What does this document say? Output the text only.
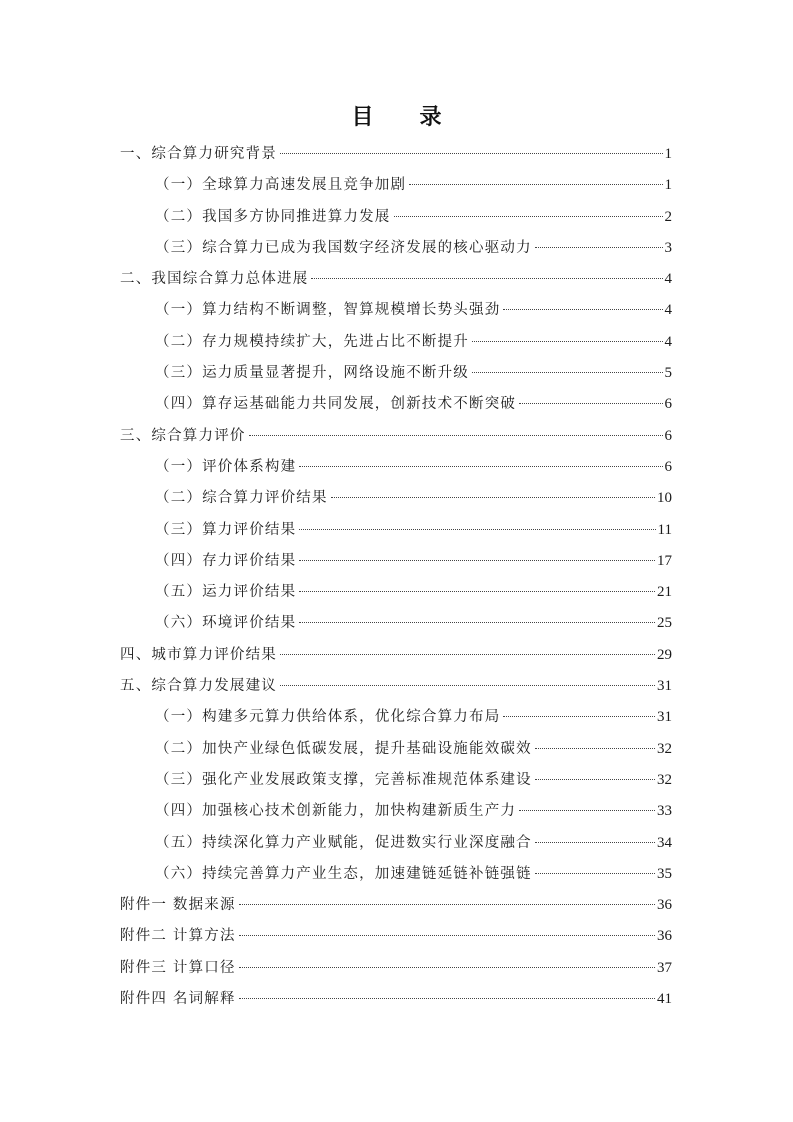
目　录
一、综合算力研究背景	1
（一）全球算力高速发展且竞争加剧	1
（二）我国多方协同推进算力发展	2
（三）综合算力已成为我国数字经济发展的核心驱动力	3
二、我国综合算力总体进展	4
（一）算力结构不断调整，智算规模增长势头强劲	4
（二）存力规模持续扩大，先进占比不断提升	4
（三）运力质量显著提升，网络设施不断升级	5
（四）算存运基础能力共同发展，创新技术不断突破	6
三、综合算力评价	6
（一）评价体系构建	6
（二）综合算力评价结果	10
（三）算力评价结果	11
（四）存力评价结果	17
（五）运力评价结果	21
（六）环境评价结果	25
四、城市算力评价结果	29
五、综合算力发展建议	31
（一）构建多元算力供给体系，优化综合算力布局	31
（二）加快产业绿色低碳发展，提升基础设施能效碳效	32
（三）强化产业发展政策支撑，完善标准规范体系建设	32
（四）加强核心技术创新能力，加快构建新质生产力	33
（五）持续深化算力产业赋能，促进数实行业深度融合	34
（六）持续完善算力产业生态，加速建链延链补链强链	35
附件一 数据来源	36
附件二 计算方法	36
附件三 计算口径	37
附件四 名词解释	41
